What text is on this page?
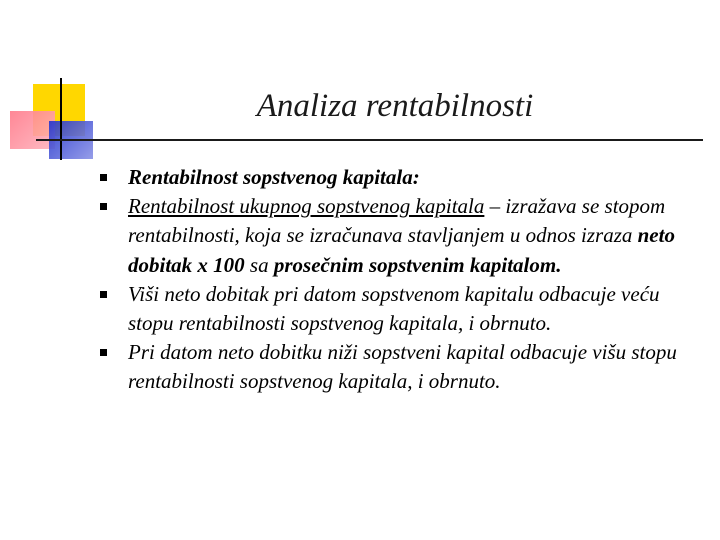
Analiza rentabilnosti
Rentabilnost sopstvenog kapitala:
Rentabilnost ukupnog sopstvenog kapitala – izražava se stopom rentabilnosti, koja se izračunava stavljanjem u odnos izraza neto dobitak x 100 sa prosečnim sopstvenim kapitalom.
Viši neto dobitak pri datom sopstvenom kapitalu odbacuje veću stopu rentabilnosti sopstvenog kapitala, i obrnuto.
Pri datom neto dobitku niži sopstveni kapital odbacuje višu stopu rentabilnosti sopstvenog kapitala, i obrnuto.
